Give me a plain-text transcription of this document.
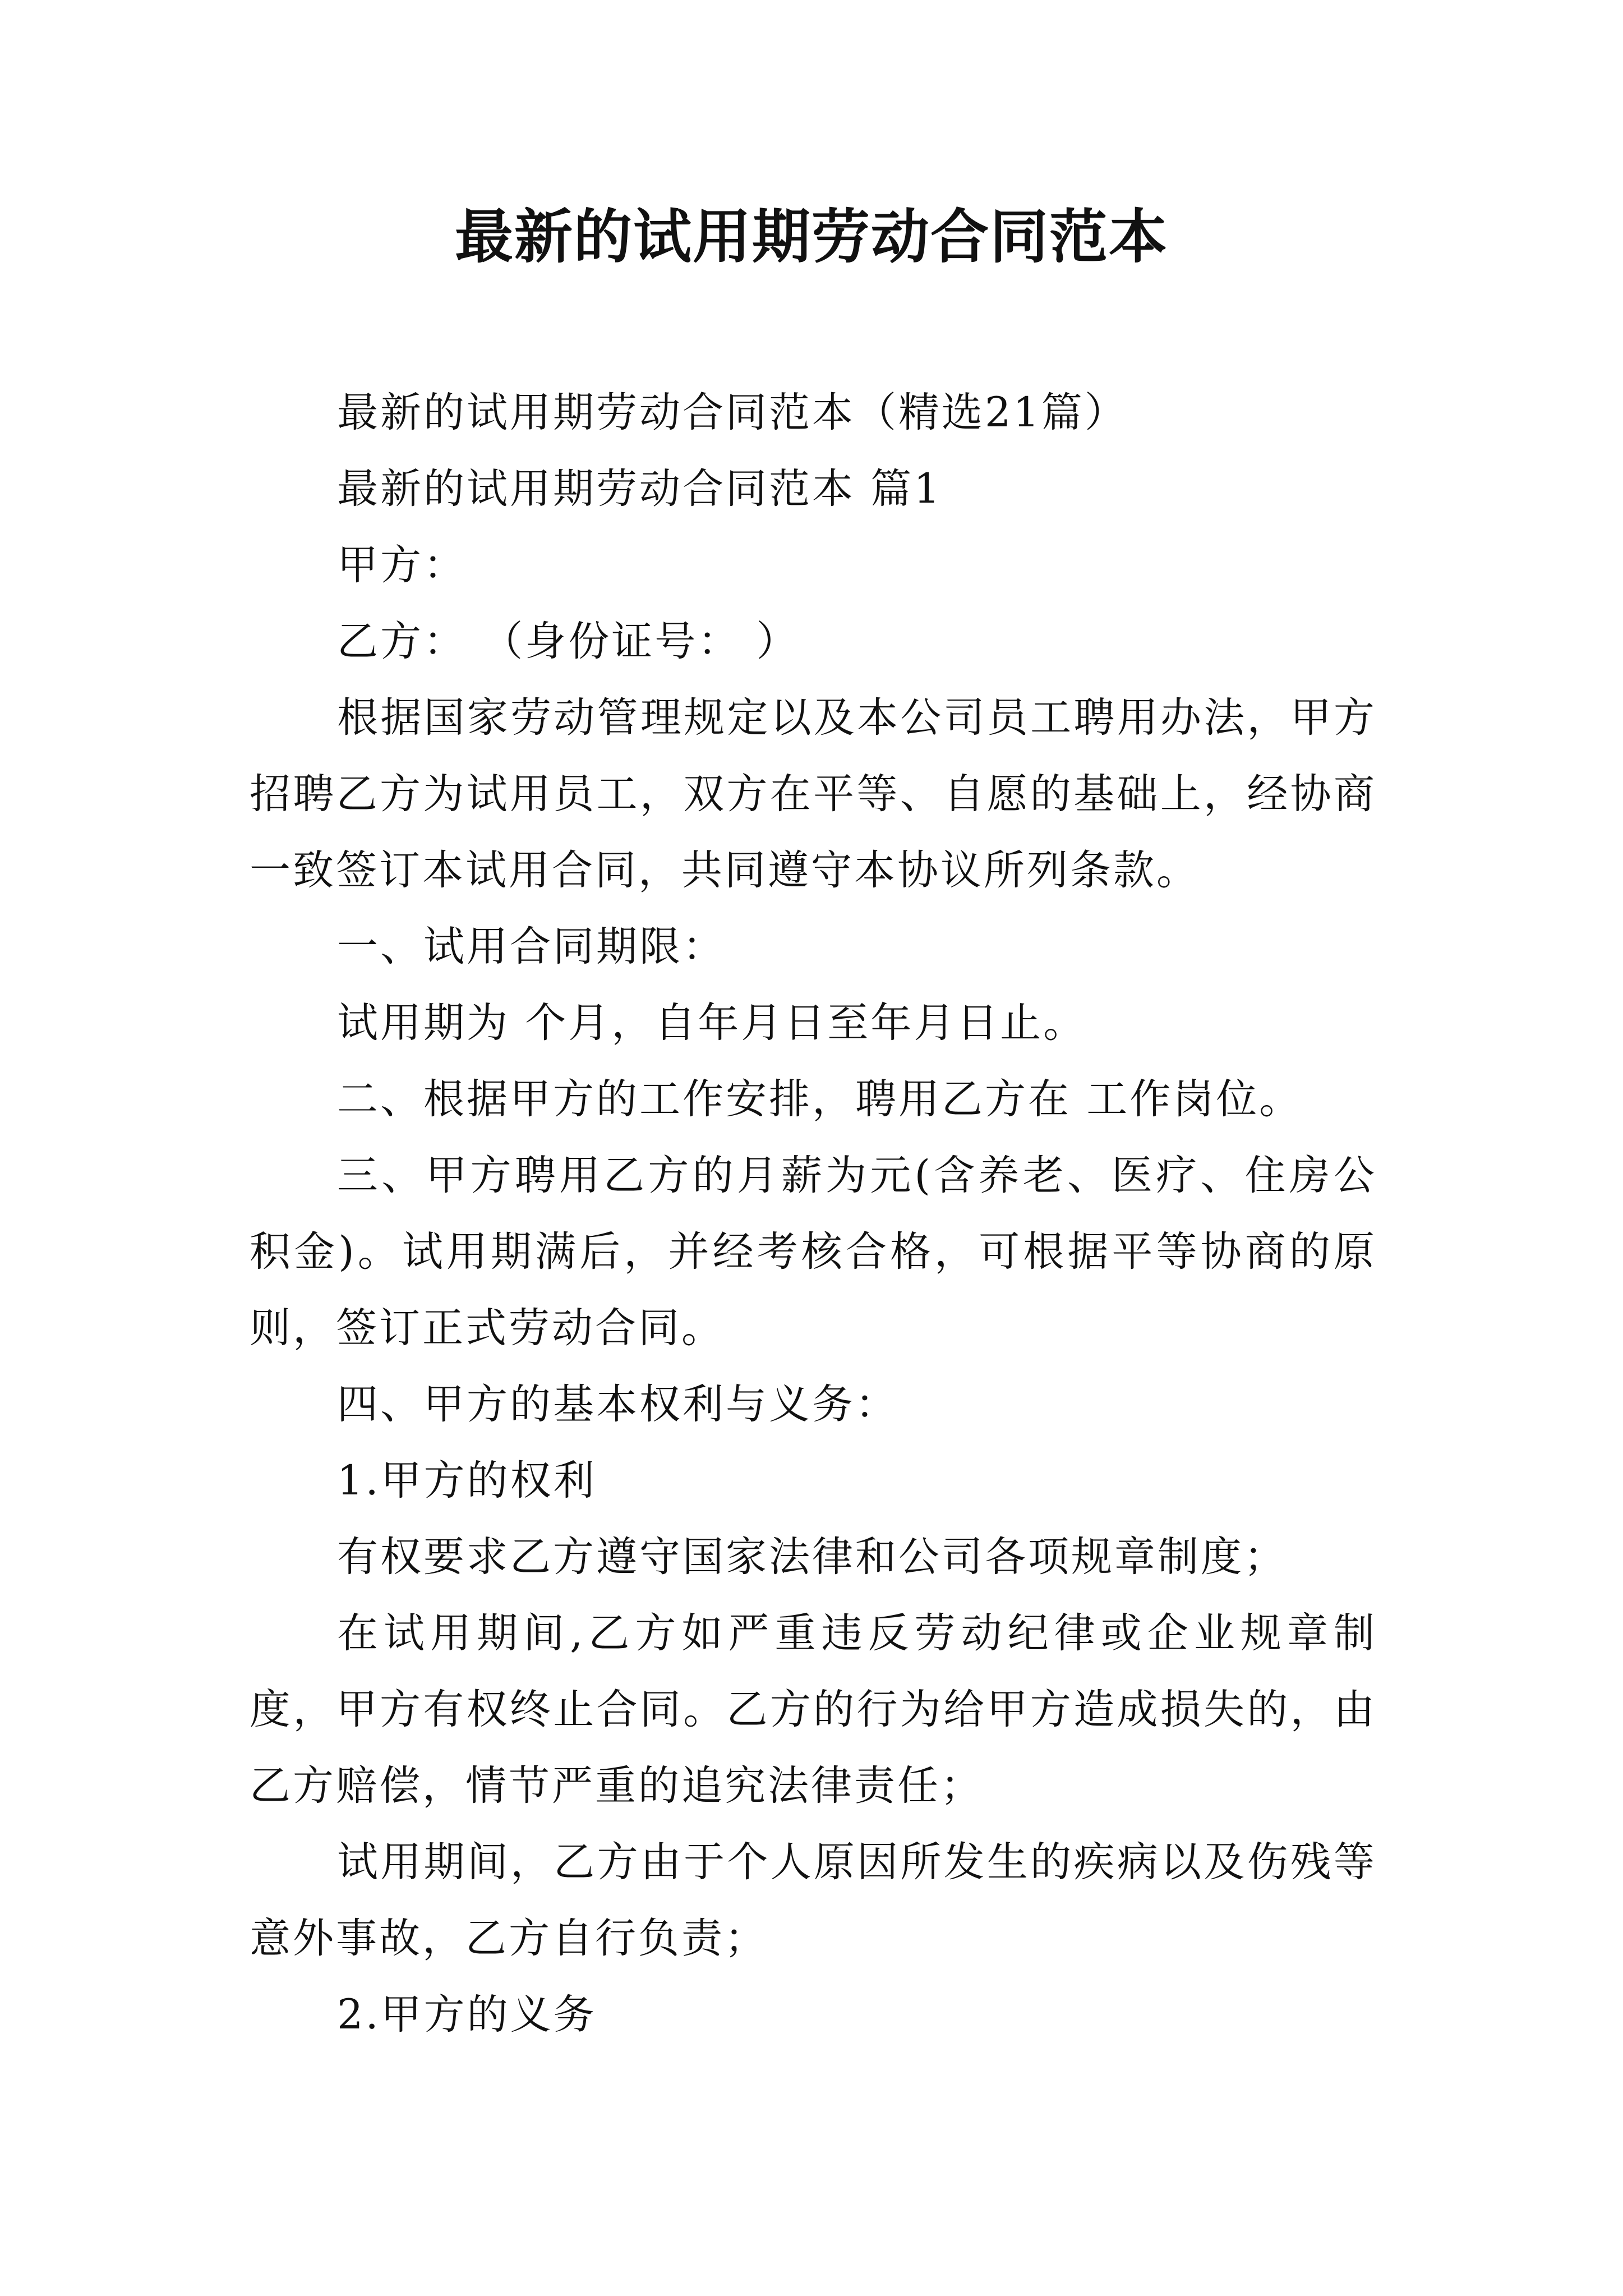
最新的试用期劳动合同范本

最新的试用期劳动合同范本（精选21篇）

最新的试用期劳动合同范本 篇1

甲方：

乙方： （身份证号： ）

根据国家劳动管理规定以及本公司员工聘用办法，甲方招聘乙方为试用员工，双方在平等、自愿的基础上，经协商一致签订本试用合同，共同遵守本协议所列条款。

一、试用合同期限：

试用期为 个月，自年月日至年月日止。

二、根据甲方的工作安排，聘用乙方在 工作岗位。

三、甲方聘用乙方的月薪为元(含养老、医疗、住房公积金)。试用期满后，并经考核合格，可根据平等协商的原则，签订正式劳动合同。

四、甲方的基本权利与义务：

1.甲方的权利

有权要求乙方遵守国家法律和公司各项规章制度；

在试用期间,乙方如严重违反劳动纪律或企业规章制度，甲方有权终止合同。乙方的行为给甲方造成损失的，由乙方赔偿，情节严重的追究法律责任；

试用期间，乙方由于个人原因所发生的疾病以及伤残等意外事故，乙方自行负责；

2.甲方的义务
